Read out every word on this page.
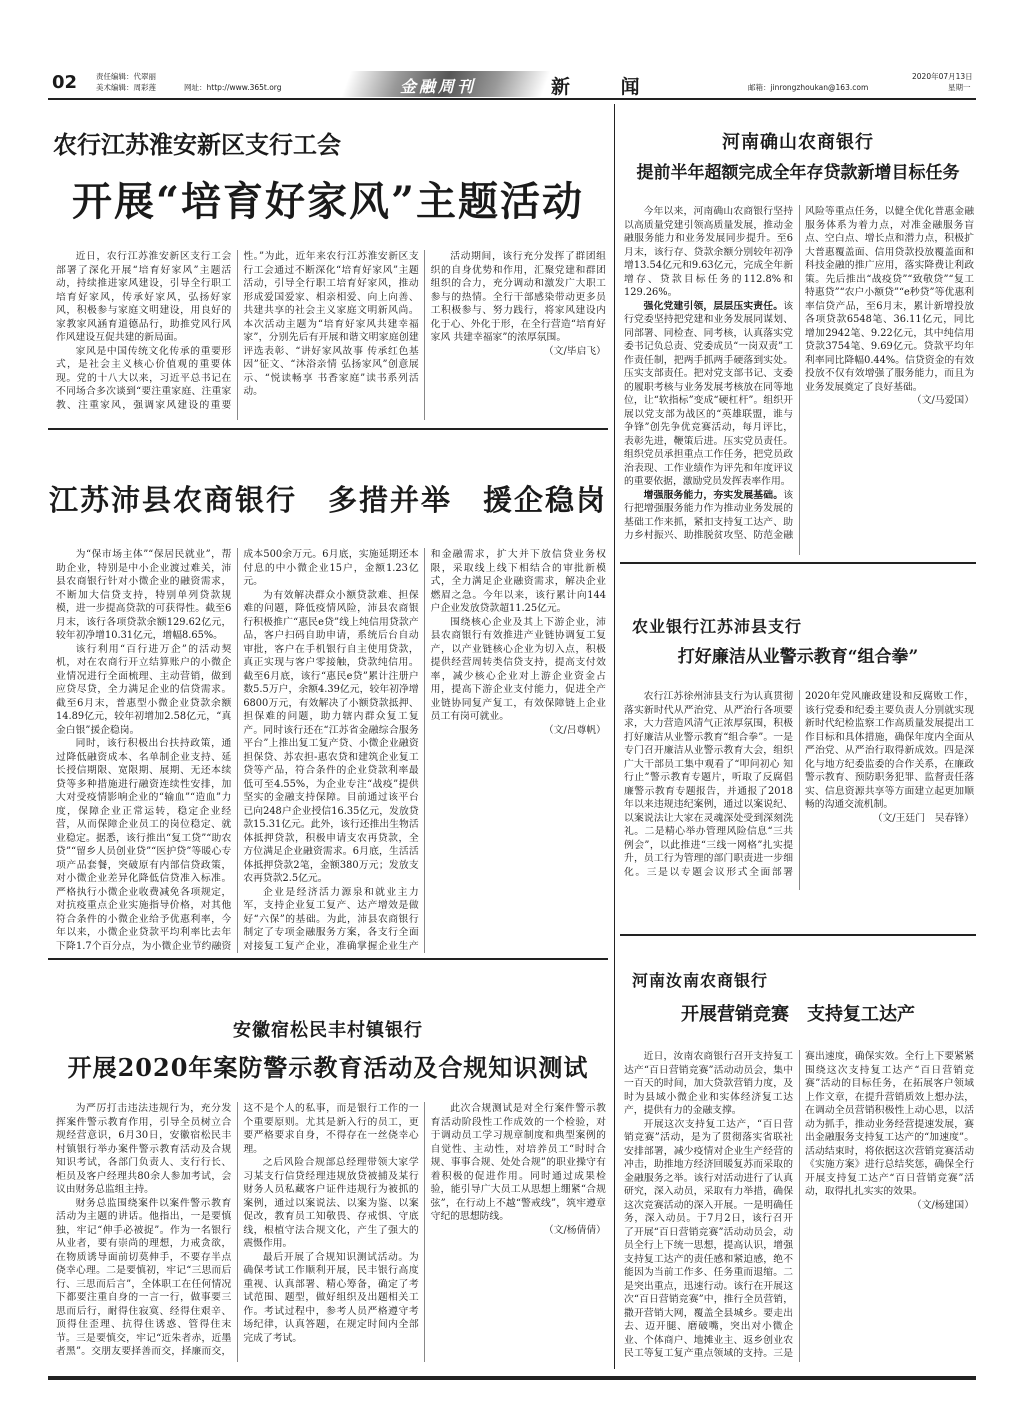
02	责任编辑：代翠丽
美术编辑：周彩莲	网址：http://www.365t.org	金融周刊	新 闻	邮箱：jinrongzhoukan@163.com
2020年07月13日
星期一
农行江苏淮安新区支行工会
开展“培育好家风”主题活动

近日，农行江苏淮安新区支行工会部署了深化开展“培育好家风”主题活动，持续推进家风建设，引导全行职工培育好家风，传承好家风，弘扬好家风，积极参与家庭文明建设，用良好的家教家风涵育道德品行，助推党风行风作风建设互促共建的新局面。

家风是中国传统文化传承的重要形式，是社会主义核心价值观的重要体现。党的十八大以来，习近平总书记在不同场合多次谈到“要注重家庭、注重家教、注重家风，强调家风建设的重要性。”为此，近年来农行江苏淮安新区支行工会通过不断深化“培育好家风”主题活动，引导全行职工培育好家风，推动形成爱国爱家、相亲相爱、向上向善、共建共享的社会主义家庭文明新风尚。本次活动主题为“培育好家风共建幸福家”，分别先后有开展和谐文明家庭创建评选表彰、“讲好家风故事 传承红色基因”征文、“沐浴亲情 弘扬家风”创意展示、“悦读畅享 书香家庭”读书系列活动。

活动期间，该行充分发挥了群团组织的自身优势和作用，汇聚党建和群团组织的合力，充分调动和激发广大职工参与的热情。全行干部感染带动更多员工积极参与、努力践行，将家风建设内化于心、外化于形，在全行营造“培育好家风 共建幸福家”的浓厚氛围。

（文/毕启飞）

江苏沛县农商银行　多措并举　援企稳岗

为“保市场主体”“保居民就业”，帮助企业，特别是中小企业渡过难关，沛县农商银行针对小微企业的融资需求，不断加大信贷支持，特别单列贷款规模，进一步提高贷款的可获得性。截至6月末，该行各项贷款余额129.62亿元，较年初净增10.31亿元，增幅8.65%。

该行利用“百行进万企”的活动契机，对在农商行开立结算账户的小微企业情况进行全面梳理、主动营销，做到应贷尽贷，全力满足企业的信贷需求。截至6月末，普惠型小微企业贷款余额14.89亿元，较年初增加2.58亿元，“真金白银”援企稳岗。

同时，该行积极出台扶持政策，通过降低融资成本、名单制企业支持、延长授信期限、宽限期、展期、无还本续贷等多种措施进行融资连续性安排，加大对受疫情影响企业的“输血”“造血”力度，保障企业正常运转，稳定企业经营，从而保障企业员工的岗位稳定、就业稳定。据悉，该行推出“复工贷”“助农贷”“留乡人员创业贷”“医护贷”等暖心专项产品套餐，突破原有内部信贷政策，对小微企业差异化降低信贷准入标准。严格执行小微企业收费减免各项规定，对抗疫重点企业实施指导价格，对其他符合条件的小微企业给予优惠利率，今年以来，小微企业贷款平均利率比去年下降1.7个百分点，为小微企业节约融资成本500余万元。6月底，实施延期还本付息的中小微企业15户，金额1.23亿元。

为有效解决群众小额贷款难、担保难的问题，降低疫情风险，沛县农商银行积极推广“惠民e贷”线上纯信用贷款产品，客户扫码自助申请，系统后台自动审批，客户在手机银行自主使用贷款，真正实现与客户零接触，贷款纯信用。截至6月底，该行“惠民e贷”累计注册户数5.5万户，余额4.39亿元，较年初净增6800万元，有效解决了小额贷款抵押、担保难的问题，助力辖内群众复工复产。同时该行还在“江苏省金融综合服务平台”上推出复工复产贷、小微企业融资担保贷、苏农担-惠农贷和建筑企业复工贷等产品，符合条件的企业贷款利率最低可至4.55%，为企业专注“战疫”提供坚实的金融支持保障。目前通过该平台已向248户企业授信16.35亿元，发放贷款15.31亿元。此外，该行还推出生物活体抵押贷款，积极申请支农再贷款，全方位满足企业融资需求。6月底，生活活体抵押贷款2笔，金额380万元；发放支农再贷款2.5亿元。

企业是经济活力源泉和就业主力军，支持企业复工复产、达产增效是做好“六保”的基础。为此，沛县农商银行制定了专项金融服务方案，各支行全面对接复工复产企业，准确掌握企业生产和金融需求，扩大并下放信贷业务权限，采取线上线下相结合的审批新模式，全力满足企业融资需求，解决企业燃眉之急。今年以来，该行累计向144户企业发放贷款超11.25亿元。

围绕核心企业及其上下游企业，沛县农商银行有效推进产业链协调复工复产，以产业链核心企业为切入点，积极提供经营周转类信贷支持，提高支付效率，减少核心企业对上游企业资金占用，提高下游企业支付能力，促进全产业链协同复产复工，有效保障链上企业员工有岗可就业。

（文/吕尊帆）

安徽宿松民丰村镇银行
开展2020年案防警示教育活动及合规知识测试

为严厉打击违法违规行为，充分发挥案件警示教育作用，引导全员树立合规经营意识，6月30日，安徽宿松民丰村镇银行举办案件警示教育活动及合规知识考试，各部门负责人、支行行长、柜员及客户经理共80余人参加考试，会议由财务总监组主持。

财务总监围绕案件以案件警示教育活动为主题的讲话。他指出，一是要慎独，牢记“伸手必被捉”。作为一名银行从业者，要有崇尚的理想，力戒贪欲，在物质诱导面前切莫伸手，不要存半点侥幸心理。二是要慎初，牢记“三思而后行、三思而后言”，全体职工在任何情况下都要注重自身的一言一行，做事要三思而后行，耐得住寂寞、经得住艰辛、顶得住歪理、抗得住诱惑、管得住末节。三是要慎交，牢记“近朱者赤，近墨者黑”。交朋友要择善而交，择廉而交，这不是个人的私事，而是银行工作的一个重要原则。尤其是新入行的员工，更要严格要求自身，不得存在一丝侥幸心理。

之后风险合规部总经理带领大家学习某支行信贷经理违规放贷被捕及某行财务人员私藏客户证件违规行为被抓的案例，通过以案说法、以案为鉴、以案促改，教育员工知敬畏、存戒惧、守底线，根植守法合规文化，产生了强大的震慑作用。

最后开展了合规知识测试活动。为确保考试工作顺利开展，民丰银行高度重视、认真部署、精心筹备，确定了考试范围、题型，做好组织及出题相关工作。考试过程中，参考人员严格遵守考场纪律，认真答题，在规定时间内全部完成了考试。

此次合规测试是对全行案件警示教育活动阶段性工作成效的一个检验，对于调动员工学习规章制度和典型案例的自觉性、主动性，对培养员工“时时合规、事事合规、处处合规”的职业操守有着积极的促进作用。同时通过成果检验，能引导广大员工从思想上绷紧“合规弦”，在行动上不越“警戒线”，筑牢遵章守纪的思想防线。

（文/杨倩倩）

河南确山农商银行
提前半年超额完成全年存贷款新增目标任务

今年以来，河南确山农商银行坚持以高质量党建引领高质量发展，推动金融服务能力和业务发展同步提升。至6月末，该行存、贷款余额分别较年初净增13.54亿元和9.63亿元，完成全年新增存、贷款目标任务的112.8%和129.26%。

强化党建引领，层层压实责任。该行党委坚持把党建和业务发展同谋划、同部署、同检查、同考核，认真落实党委书记负总责、党委成员“一岗双责”工作责任制，把两手抓两手硬落到实处。压实支部责任。把对党支部书记、支委的履职考核与业务发展考核放在同等地位，让“软指标”变成“硬杠杆”。组织开展以党支部为战区的“英雄联盟，谁与争锋”创先争优竞赛活动，每月评比，表彰先进，鞭策后进。压实党员责任。组织党员承担重点工作任务，把党员政治表现、工作业绩作为评先和年度评议的重要依据，激励党员发挥表率作用。

增强服务能力，夯实发展基础。该行把增强服务能力作为推动业务发展的基础工作来抓，紧扣支持复工达产、助力乡村振兴、助推脱贫攻坚、防范金融风险等重点任务，以健全优化普惠金融服务体系为着力点，对准金融服务盲点、空白点、增长点和潜力点，积极扩大普惠覆盖面、信用贷款投放覆盖面和科技金融的推广应用，落实降费让利政策。先后推出“战疫贷”“致敬贷”“复工特惠贷”“农户小额贷”“e秒贷”等优惠利率信贷产品，至6月末，累计新增投放各项贷款6548笔、36.11亿元，同比增加2942笔、9.22亿元，其中纯信用贷款3754笔、9.69亿元。贷款平均年利率同比降幅0.44%。信贷资金的有效投放不仅有效增强了服务能力，而且为业务发展奠定了良好基础。

（文/马爱国）

农业银行江苏沛县支行
打好廉洁从业警示教育“组合拳”

农行江苏徐州沛县支行为认真贯彻落实新时代从严治党、从严治行各项要求，大力营造风清气正浓厚氛围，积极打好廉洁从业警示教育“组合拳”。一是专门召开廉洁从业警示教育大会，组织广大干部员工集中观看了“叩问初心 知行止”警示教育专题片，听取了反腐倡廉警示教育专题报告，并通报了2018年以来违规违纪案例，通过以案说纪、以案说法让大家在灵魂深处受到深刻洗礼。二是精心举办管理风险信息“三共例会”，以此推进“三线一网格”扎实提升，员工行为管理的部门职责进一步细化。三是以专题会议形式全面部署2020年党风廉政建设和反腐败工作，该行党委和纪委主要负责人分别就实现新时代纪检监察工作高质量发展提出工作目标和具体措施，确保年度内全面从严治党、从严治行取得新成效。四是深化与地方纪委监委的合作关系，在廉政警示教育、预防职务犯罪、监督责任落实、信息资源共享等方面建立起更加顺畅的沟通交流机制。

（文/王廷门　吴春锋）

河南汝南农商银行
开展营销竞赛　支持复工达产

近日，汝南农商银行召开支持复工达产“百日营销竞赛”活动动员会，集中一百天的时间，加大贷款营销力度，及时为县域小微企业和实体经济复工达产，提供有力的金融支撑。

开展这次支持复工达产，“百日营销竞赛”活动，是为了贯彻落实省联社安排部署，减少疫情对企业生产经营的冲击，助推地方经济回暖复苏而采取的金融服务之举。该行对活动进行了认真研究，深入动员，采取有力举措，确保这次竞赛活动的深入开展。一是明确任务，深入动员。于7月2日，该行召开了开展“百日营销竞赛”活动动员会，动员全行上下统一思想，提高认识，增强支持复工达产的责任感和紧迫感，绝不能因为当前工作多、任务重而退缩。二是突出重点，迅速行动。该行在开展这次“百日营销竞赛”中，推行全员营销，撒开营销大网，覆盖全县城乡。要走出去、迈开腿、磨破嘴，突出对小微企业、个体商户、地摊业主、返乡创业农民工等复工复产重点领域的支持。三是赛出速度，确保实效。全行上下要紧紧围绕这次支持复工达产“百日营销竞赛”活动的目标任务，在拓展客户领域上作文章，在提升营销质效上想办法，在调动全员营销积极性上动心思，以活动为抓手，推动业务经营提速发展，赛出金融服务支持复工达产的“加速度”。活动结束时，将依据这次营销竞赛活动《实施方案》进行总结奖惩，确保全行开展支持复工达产“百日营销竞赛”活动，取得扎扎实实的效果。

（文/杨建国）
